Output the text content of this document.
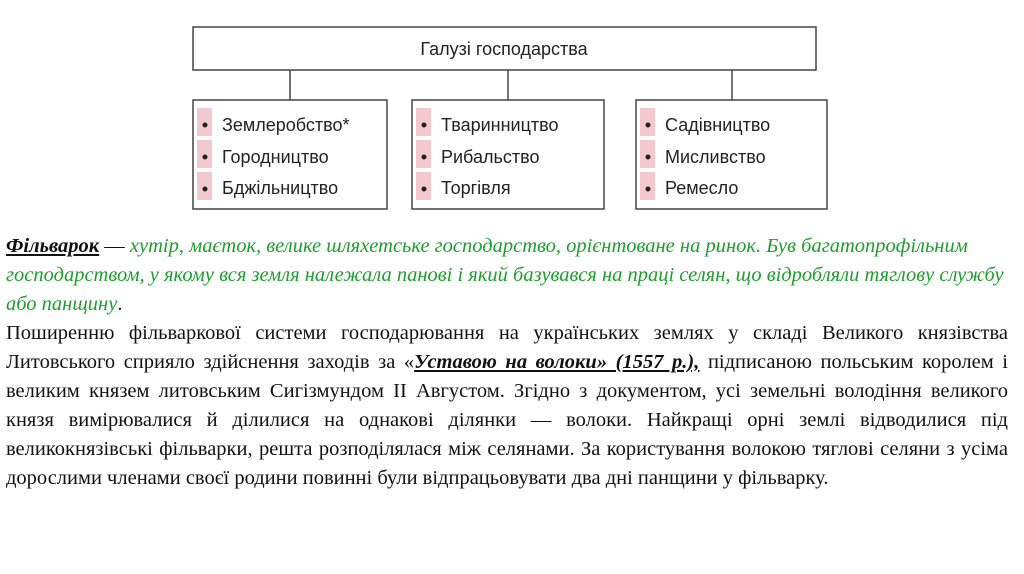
Галузі господарства
Землеробство*
Городництво
Бджільництво
Тваринництво
Рибальство
Торгівля
Садівництво
Мисливство
Ремесло

Фільварок — хутір, маєток, велике шляхетське господарство, орієнтоване на ринок. Був багатопрофільним господарством, у якому вся земля належала панові і який базувався на праці селян, що відробляли тяглову службу або панщину.

Поширенню фільваркової системи господарювання на українських землях у складі Великого князівства Литовського сприяло здійснення заходів за «Уставою на волоки» (1557 р.), підписаною польським королем і великим князем литовським Сигізмундом II Августом. Згідно з документом, усі земельні володіння великого князя вимірювалися й ділилися на однакові ділянки — волоки. Найкращі орні землі відводилися під великокнязівські фільварки, решта розподілялася між селянами. За користування волокою тяглові селяни з усіма дорослими членами своєї родини повинні були відпрацьовувати два дні панщини у фільварку.
